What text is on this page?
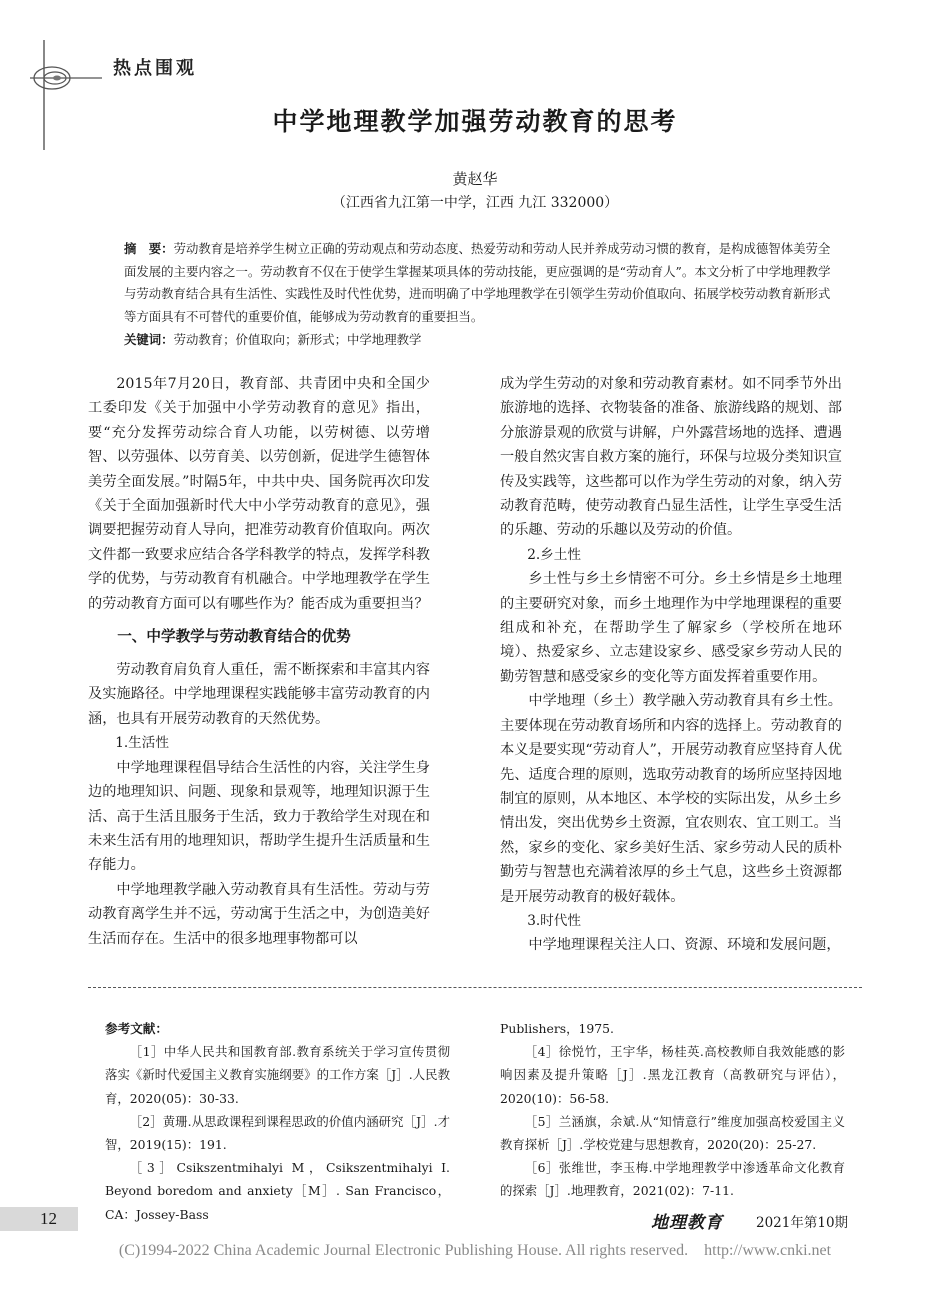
热点围观
中学地理教学加强劳动教育的思考
黄赵华
（江西省九江第一中学，江西 九江 332000）
摘　要：劳动教育是培养学生树立正确的劳动观点和劳动态度、热爱劳动和劳动人民并养成劳动习惯的教育，是构成德智体美劳全面发展的主要内容之一。劳动教育不仅在于使学生掌握某项具体的劳动技能，更应强调的是“劳动育人”。本文分析了中学地理教学与劳动教育结合具有生活性、实践性及时代性优势，进而明确了中学地理教学在引领学生劳动价值取向、拓展学校劳动教育新形式等方面具有不可替代的重要价值，能够成为劳动教育的重要担当。
关键词：劳动教育；价值取向；新形式；中学地理教学

2015年7月20日，教育部、共青团中央和全国少工委印发《关于加强中小学劳动教育的意见》指出，要“充分发挥劳动综合育人功能，以劳树德、以劳增智、以劳强体、以劳育美、以劳创新，促进学生德智体美劳全面发展。”时隔5年，中共中央、国务院再次印发《关于全面加强新时代大中小学劳动教育的意见》，强调要把握劳动育人导向，把准劳动教育价值取向。两次文件都一致要求应结合各学科教学的特点，发挥学科教学的优势，与劳动教育有机融合。中学地理教学在学生的劳动教育方面可以有哪些作为？能否成为重要担当？

一、中学教学与劳动教育结合的优势

劳动教育肩负育人重任，需不断探索和丰富其内容及实施路径。中学地理课程实践能够丰富劳动教育的内涵，也具有开展劳动教育的天然优势。

1.生活性

中学地理课程倡导结合生活性的内容，关注学生身边的地理知识、问题、现象和景观等，地理知识源于生活、高于生活且服务于生活，致力于教给学生对现在和未来生活有用的地理知识，帮助学生提升生活质量和生存能力。

中学地理教学融入劳动教育具有生活性。劳动与劳动教育离学生并不远，劳动寓于生活之中，为创造美好生活而存在。生活中的很多地理事物都可以

成为学生劳动的对象和劳动教育素材。如不同季节外出旅游地的选择、衣物装备的准备、旅游线路的规划、部分旅游景观的欣赏与讲解，户外露营场地的选择、遭遇一般自然灾害自救方案的施行，环保与垃圾分类知识宣传及实践等，这些都可以作为学生劳动的对象，纳入劳动教育范畴，使劳动教育凸显生活性，让学生享受生活的乐趣、劳动的乐趣以及劳动的价值。

2.乡土性

乡土性与乡土乡情密不可分。乡土乡情是乡土地理的主要研究对象，而乡土地理作为中学地理课程的重要组成和补充，在帮助学生了解家乡（学校所在地环境）、热爱家乡、立志建设家乡、感受家乡劳动人民的勤劳智慧和感受家乡的变化等方面发挥着重要作用。

中学地理（乡土）教学融入劳动教育具有乡土性。主要体现在劳动教育场所和内容的选择上。劳动教育的本义是要实现“劳动育人”，开展劳动教育应坚持育人优先、适度合理的原则，选取劳动教育的场所应坚持因地制宜的原则，从本地区、本学校的实际出发，从乡土乡情出发，突出优势乡土资源，宜农则农、宜工则工。当然，家乡的变化、家乡美好生活、家乡劳动人民的质朴勤劳与智慧也充满着浓厚的乡土气息，这些乡土资源都是开展劳动教育的极好载体。

3.时代性

中学地理课程关注人口、资源、环境和发展问题，

参考文献：

［1］中华人民共和国教育部.教育系统关于学习宣传贯彻落实《新时代爱国主义教育实施纲要》的工作方案［J］.人民教育，2020(05)：30-33.

［2］黄珊.从思政课程到课程思政的价值内涵研究［J］.才智，2019(15)：191.

［3］Csikszentmihalyi M，Csikszentmihalyi I. Beyond boredom and anxiety［M］. San Francisco，CA：Jossey-Bass

Publishers，1975.

［4］徐悦竹，王宇华，杨桂英.高校教师自我效能感的影响因素及提升策略［J］.黑龙江教育（高教研究与评估），2020(10)：56-58.

［5］兰涵旗，余斌.从“知情意行”维度加强高校爱国主义教育探析［J］.学校党建与思想教育，2020(20)：25-27.

［6］张维世，李玉梅.中学地理教学中渗透革命文化教育的探索［J］.地理教育，2021(02)：7-11.

12	地理教育 2021年第10期
(C)1994-2022 China Academic Journal Electronic Publishing House. All rights reserved.    http://www.cnki.net
